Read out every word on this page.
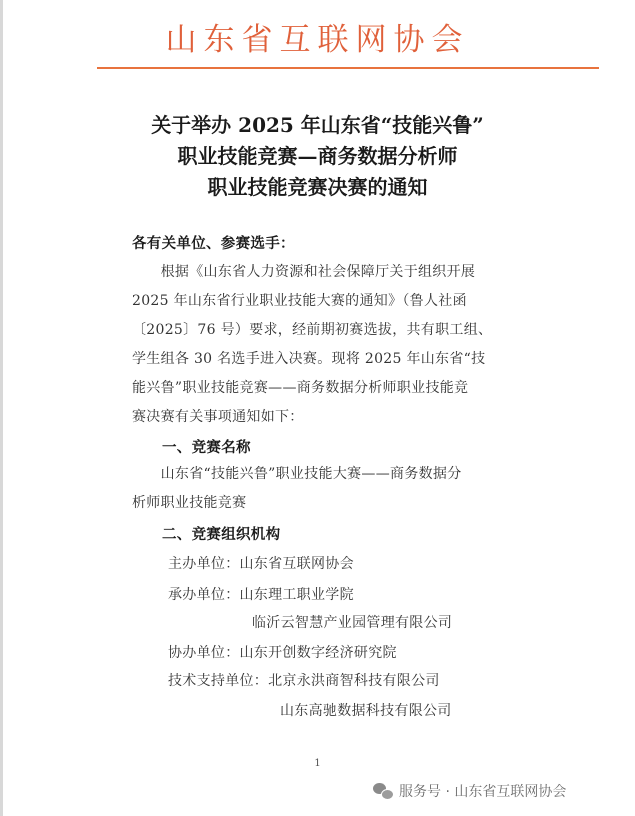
山东省互联网协会
关于举办 2025 年山东省“技能兴鲁”
职业技能竞赛—商务数据分析师
职业技能竞赛决赛的通知
各有关单位、参赛选手：
　　根据《山东省人力资源和社会保障厅关于组织开展
2025 年山东省行业职业技能大赛的通知》（鲁人社函
〔2025〕76 号）要求，经前期初赛选拔，共有职工组、
学生组各 30 名选手进入决赛。现将 2025 年山东省“技
能兴鲁”职业技能竞赛——商务数据分析师职业技能竞
赛决赛有关事项通知如下：
一、竞赛名称
　　山东省“技能兴鲁”职业技能大赛——商务数据分
析师职业技能竞赛
二、竞赛组织机构
主办单位：山东省互联网协会
承办单位：山东理工职业学院
临沂云智慧产业园管理有限公司
协办单位：山东开创数字经济研究院
技术支持单位：北京永洪商智科技有限公司
山东高驰数据科技有限公司
1
服务号 · 山东省互联网协会
